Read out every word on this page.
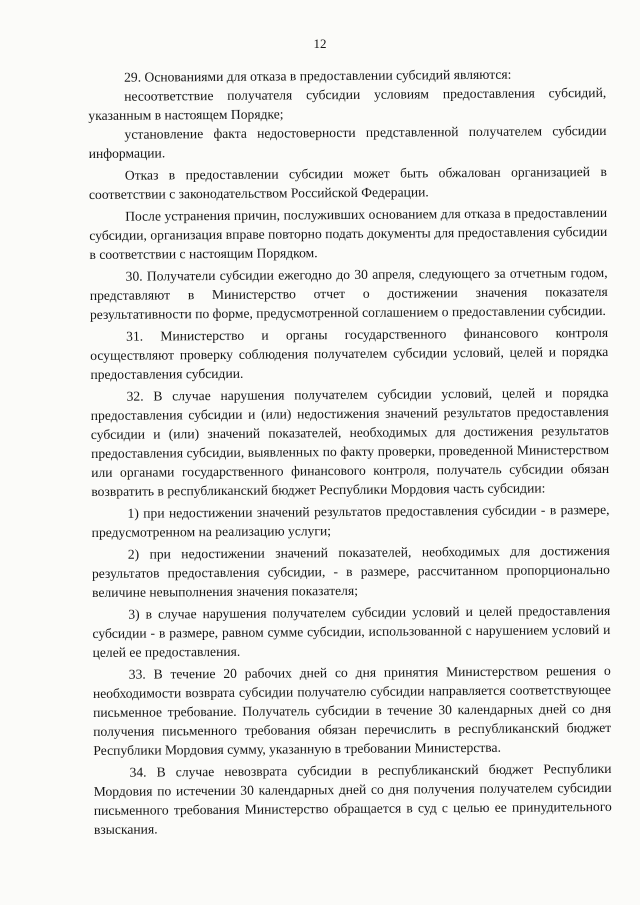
12

29. Основаниями для отказа в предоставлении субсидий являются:

несоответствие получателя субсидии условиям предоставления субсидий, указанным в настоящем Порядке;

установление факта недостоверности представленной получателем субсидии информации.

Отказ в предоставлении субсидии может быть обжалован организацией в соответствии с законодательством Российской Федерации.

После устранения причин, послуживших основанием для отказа в предоставлении субсидии, организация вправе повторно подать документы для предоставления субсидии в соответствии с настоящим Порядком.

30. Получатели субсидии ежегодно до 30 апреля, следующего за отчетным годом, представляют в Министерство отчет о достижении значения показателя результативности по форме, предусмотренной соглашением о предоставлении субсидии.

31. Министерство и органы государственного финансового контроля осуществляют проверку соблюдения получателем субсидии условий, целей и порядка предоставления субсидии.

32. В случае нарушения получателем субсидии условий, целей и порядка предоставления субсидии и (или) недостижения значений результатов предоставления субсидии и (или) значений показателей, необходимых для достижения результатов предоставления субсидии, выявленных по факту проверки, проведенной Министерством или органами государственного финансового контроля, получатель субсидии обязан возвратить в республиканский бюджет Республики Мордовия часть субсидии:

1) при недостижении значений результатов предоставления субсидии - в размере, предусмотренном на реализацию услуги;

2) при недостижении значений показателей, необходимых для достижения результатов предоставления субсидии, - в размере, рассчитанном пропорционально величине невыполнения значения показателя;

3) в случае нарушения получателем субсидии условий и целей предоставления субсидии - в размере, равном сумме субсидии, использованной с нарушением условий и целей ее предоставления.

33. В течение 20 рабочих дней со дня принятия Министерством решения о необходимости возврата субсидии получателю субсидии направляется соответствующее письменное требование. Получатель субсидии в течение 30 календарных дней со дня получения письменного требования обязан перечислить в республиканский бюджет Республики Мордовия сумму, указанную в требовании Министерства.

34. В случае невозврата субсидии в республиканский бюджет Республики Мордовия по истечении 30 календарных дней со дня получения получателем субсидии письменного требования Министерство обращается в суд с целью ее принудительного взыскания.
